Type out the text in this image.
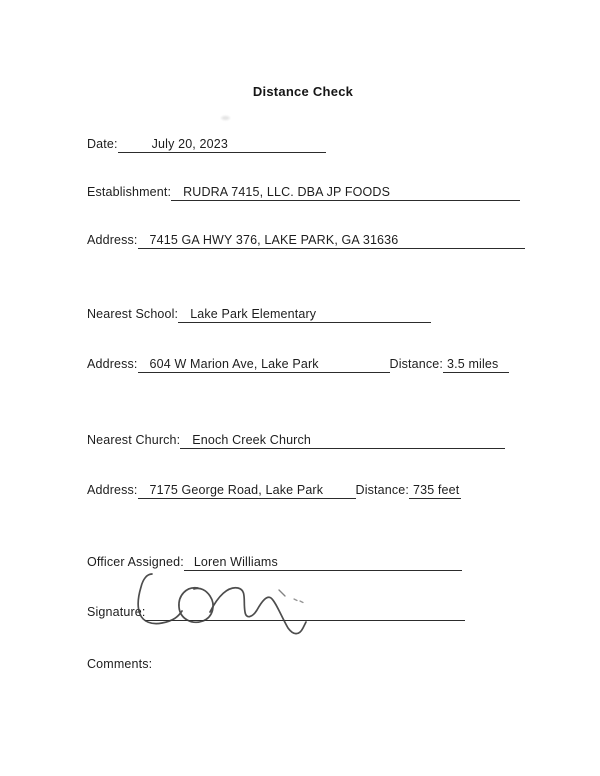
Distance Check
Date:	July 20, 2023
Establishment: RUDRA 7415, LLC. DBA JP FOODS
Address: 7415 GA HWY 376, LAKE PARK, GA 31636
Nearest School: Lake Park Elementary
Address: 604 W Marion Ave, Lake Park	Distance: 3.5 miles
Nearest Church: Enoch Creek Church
Address: 7175 George Road, Lake Park	Distance: 735 feet
Officer Assigned: Loren Williams
Signature:
Comments:
